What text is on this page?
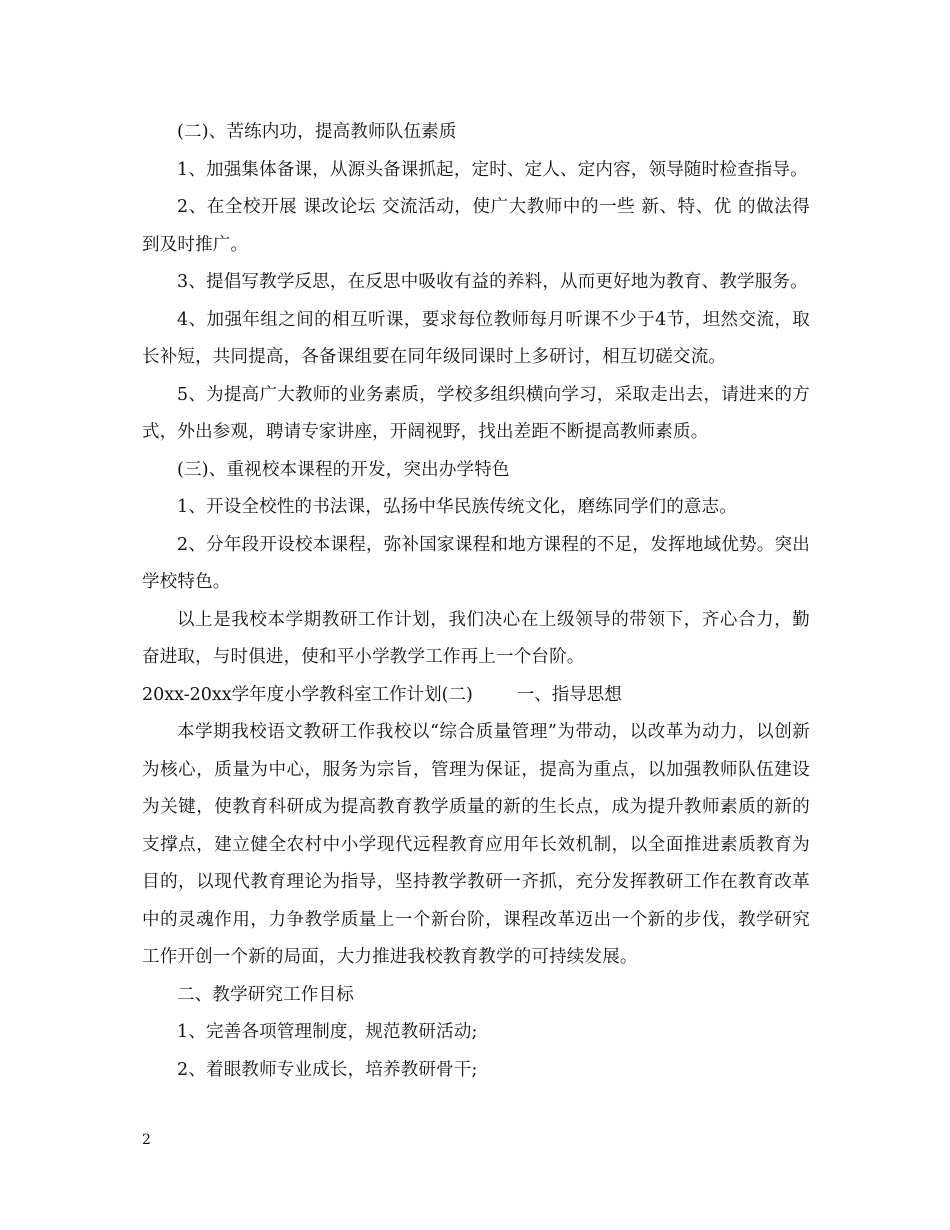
(二)、苦练内功，提高教师队伍素质

1、加强集体备课，从源头备课抓起，定时、定人、定内容，领导随时检查指导。

2、在全校开展 课改论坛 交流活动，使广大教师中的一些 新、特、优 的做法得到及时推广。

3、提倡写教学反思，在反思中吸收有益的养料，从而更好地为教育、教学服务。

4、加强年组之间的相互听课，要求每位教师每月听课不少于4节，坦然交流，取长补短，共同提高，各备课组要在同年级同课时上多研讨，相互切磋交流。

5、为提高广大教师的业务素质，学校多组织横向学习，采取走出去，请进来的方式，外出参观，聘请专家讲座，开阔视野，找出差距不断提高教师素质。

(三)、重视校本课程的开发，突出办学特色

1、开设全校性的书法课，弘扬中华民族传统文化，磨练同学们的意志。

2、分年段开设校本课程，弥补国家课程和地方课程的不足，发挥地域优势。突出学校特色。

以上是我校本学期教研工作计划，我们决心在上级领导的带领下，齐心合力，勤奋进取，与时俱进，使和平小学教学工作再上一个台阶。

20xx-20xx学年度小学教科室工作计划(二)	一、指导思想

本学期我校语文教研工作我校以“综合质量管理”为带动，以改革为动力，以创新为核心，质量为中心，服务为宗旨，管理为保证，提高为重点，以加强教师队伍建设为关键，使教育科研成为提高教育教学质量的新的生长点，成为提升教师素质的新的支撑点，建立健全农村中小学现代远程教育应用年长效机制，以全面推进素质教育为目的，以现代教育理论为指导，坚持教学教研一齐抓，充分发挥教研工作在教育改革中的灵魂作用，力争教学质量上一个新台阶，课程改革迈出一个新的步伐，教学研究工作开创一个新的局面，大力推进我校教育教学的可持续发展。

二、教学研究工作目标

1、完善各项管理制度，规范教研活动;

2、着眼教师专业成长，培养教研骨干;

2
